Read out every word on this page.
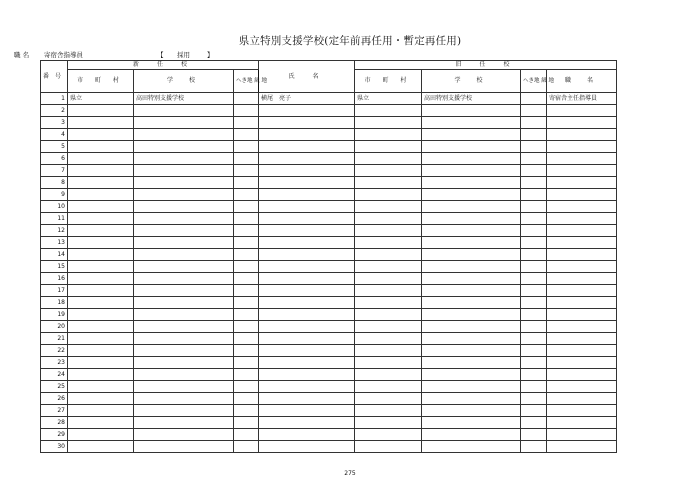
県立特別支援学校(定年前再任用・暫定再任用)
職 名 寄宿舎指導員	【 採用	】
番号	新　任　校			氏　名	旧　任　校			
	市 町 村	学　校	へき地 級 地		市 町 村	学　校	へき地 級 地	職　名
1	県立	高田特別支援学校		横尾　亮子	県立	高田特別支援学校		寄宿舎主任指導員
2								
3								
4								
5								
6								
7								
8								
9								
10								
11								
12								
13								
14								
15								
16								
17								
18								
19								
20								
21								
22								
23								
24								
25								
26								
27								
28								
29								
30								
275
